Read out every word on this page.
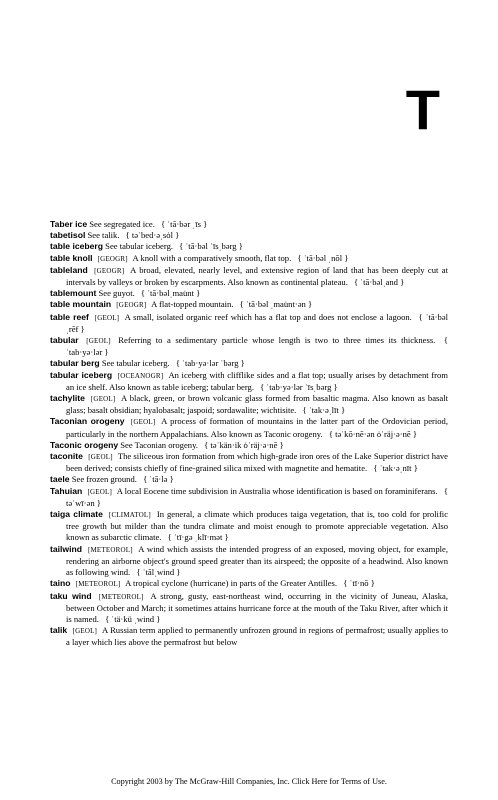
T

Taber ice See segregated ice. { ˈtā·bər ˌīs }

tabetisol See talik. { təˈbed·əˌsȯl }

table iceberg See tabular iceberg. { ˈtā·bəl ˈīsˌbərg }

table knoll [GEOGR] A knoll with a comparatively smooth, flat top. { ˈtā·bəl ˌnōl }

tableland [GEOGR] A broad, elevated, nearly level, and extensive region of land that has been deeply cut at intervals by valleys or broken by escarpments. Also known as continental plateau. { ˈtā·bəlˌand }

tablemount See guyot. { ˈtā·bəlˌmau̇nt }

table mountain [GEOGR] A flat-topped mountain. { ˈtā·bəl ˌmau̇nt·ən }

table reef [GEOL] A small, isolated organic reef which has a flat top and does not enclose a lagoon. { ˈtā·bəl ˌrēf }

tabular [GEOL] Referring to a sedimentary particle whose length is two to three times its thickness. { ˈtab·yə·lər }

tabular berg See tabular iceberg. { ˈtab·yə·lər ˈbərg }

tabular iceberg [OCEANOGR] An iceberg with clifflike sides and a flat top; usually arises by detachment from an ice shelf. Also known as table iceberg; tabular berg. { ˈtab·yə·lər ˈīsˌbərg }

tachylite [GEOL] A black, green, or brown volcanic glass formed from basaltic magma. Also known as basalt glass; basalt obsidian; hyalobasalt; jaspoid; sordawalite; wichtisite. { ˈtak·əˌlīt }

Taconian orogeny [GEOL] A process of formation of mountains in the latter part of the Ordovician period, particularly in the northern Appalachians. Also known as Taconic orogeny. { təˈkō·nē·ən ȯˈräj·ə·nē }

Taconic orogeny See Taconian orogeny. { təˈkän·ik ȯˈräj·ə·nē }

taconite [GEOL] The siliceous iron formation from which high-grade iron ores of the Lake Superior district have been derived; consists chiefly of fine-grained silica mixed with magnetite and hematite. { ˈtak·əˌnīt }

taele See frozen ground. { ˈtā·lə }

Tahuian [GEOL] A local Eocene time subdivision in Australia whose identification is based on foraminiferans. { təˈwī·ən }

taiga climate [CLIMATOL] In general, a climate which produces taiga vegetation, that is, too cold for prolific tree growth but milder than the tundra climate and moist enough to promote appreciable vegetation. Also known as subarctic climate. { ˈtī·gə ˌklī·mət }

tailwind [METEOROL] A wind which assists the intended progress of an exposed, moving object, for example, rendering an airborne object's ground speed greater than its airspeed; the opposite of a headwind. Also known as following wind. { ˈtālˌwind }

taino [METEOROL] A tropical cyclone (hurricane) in parts of the Greater Antilles. { ˈtī·nō }

taku wind [METEOROL] A strong, gusty, east-northeast wind, occurring in the vicinity of Juneau, Alaska, between October and March; it sometimes attains hurricane force at the mouth of the Taku River, after which it is named. { ˈtä·kü ˌwind }

talik [GEOL] A Russian term applied to permanently unfrozen ground in regions of permafrost; usually applies to a layer which lies above the permafrost but below

Copyright 2003 by The McGraw-Hill Companies, Inc. Click Here for Terms of Use.
